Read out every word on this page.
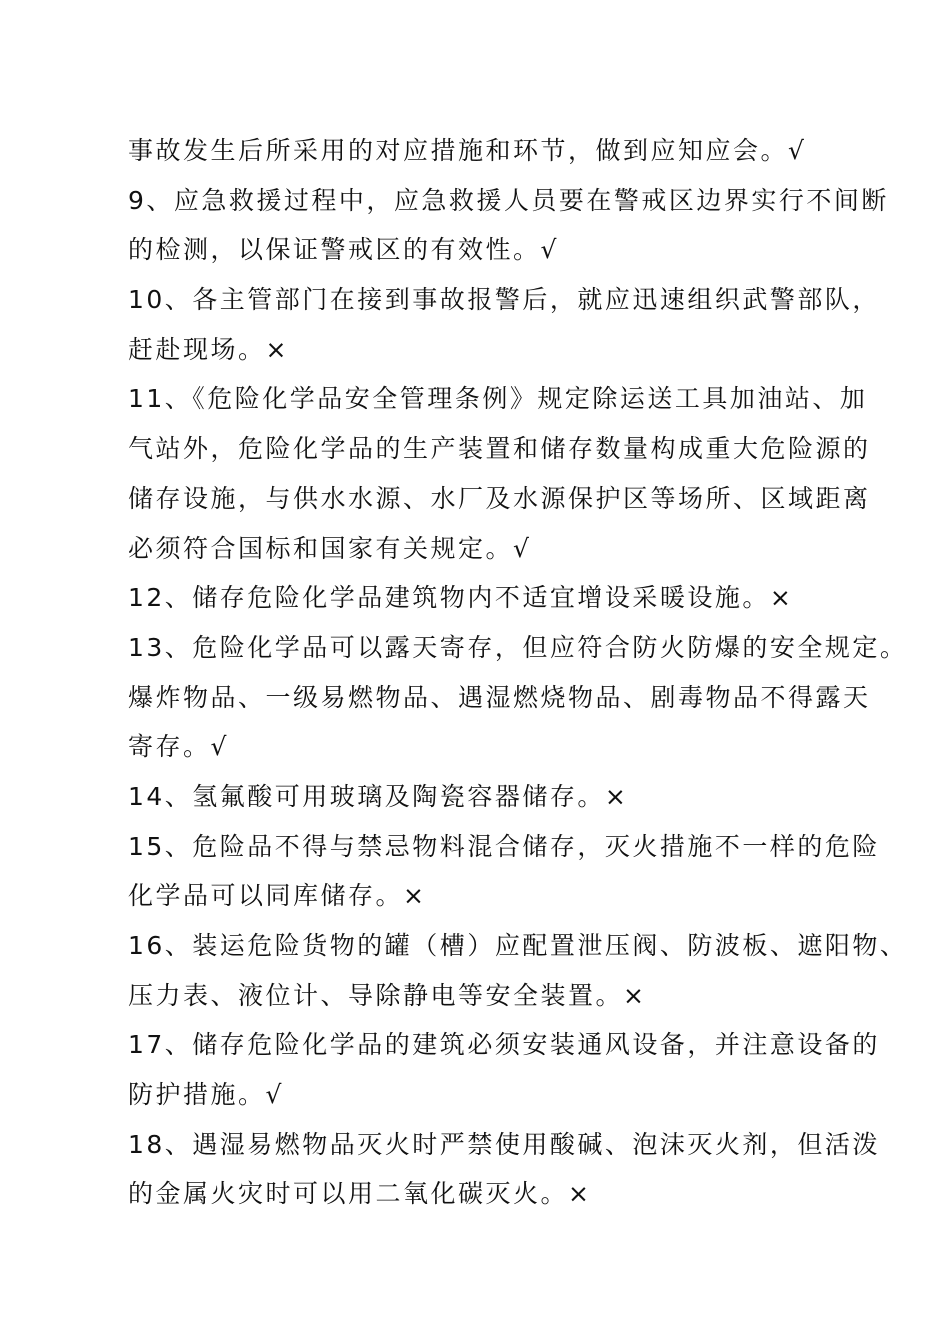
事故发生后所采用的对应措施和环节，做到应知应会。√
9、应急救援过程中，应急救援人员要在警戒区边界实行不间断
的检测，以保证警戒区的有效性。√
10、各主管部门在接到事故报警后，就应迅速组织武警部队，
赶赴现场。×
11、《危险化学品安全管理条例》规定除运送工具加油站、加
气站外，危险化学品的生产装置和储存数量构成重大危险源的
储存设施，与供水水源、水厂及水源保护区等场所、区域距离
必须符合国标和国家有关规定。√
12、储存危险化学品建筑物内不适宜增设采暖设施。×
13、危险化学品可以露天寄存，但应符合防火防爆的安全规定。
爆炸物品、一级易燃物品、遇湿燃烧物品、剧毒物品不得露天
寄存。√
14、氢氟酸可用玻璃及陶瓷容器储存。×
15、危险品不得与禁忌物料混合储存，灭火措施不一样的危险
化学品可以同库储存。×
16、装运危险货物的罐（槽）应配置泄压阀、防波板、遮阳物、
压力表、液位计、导除静电等安全装置。×
17、储存危险化学品的建筑必须安装通风设备，并注意设备的
防护措施。√
18、遇湿易燃物品灭火时严禁使用酸碱、泡沫灭火剂，但活泼
的金属火灾时可以用二氧化碳灭火。×
